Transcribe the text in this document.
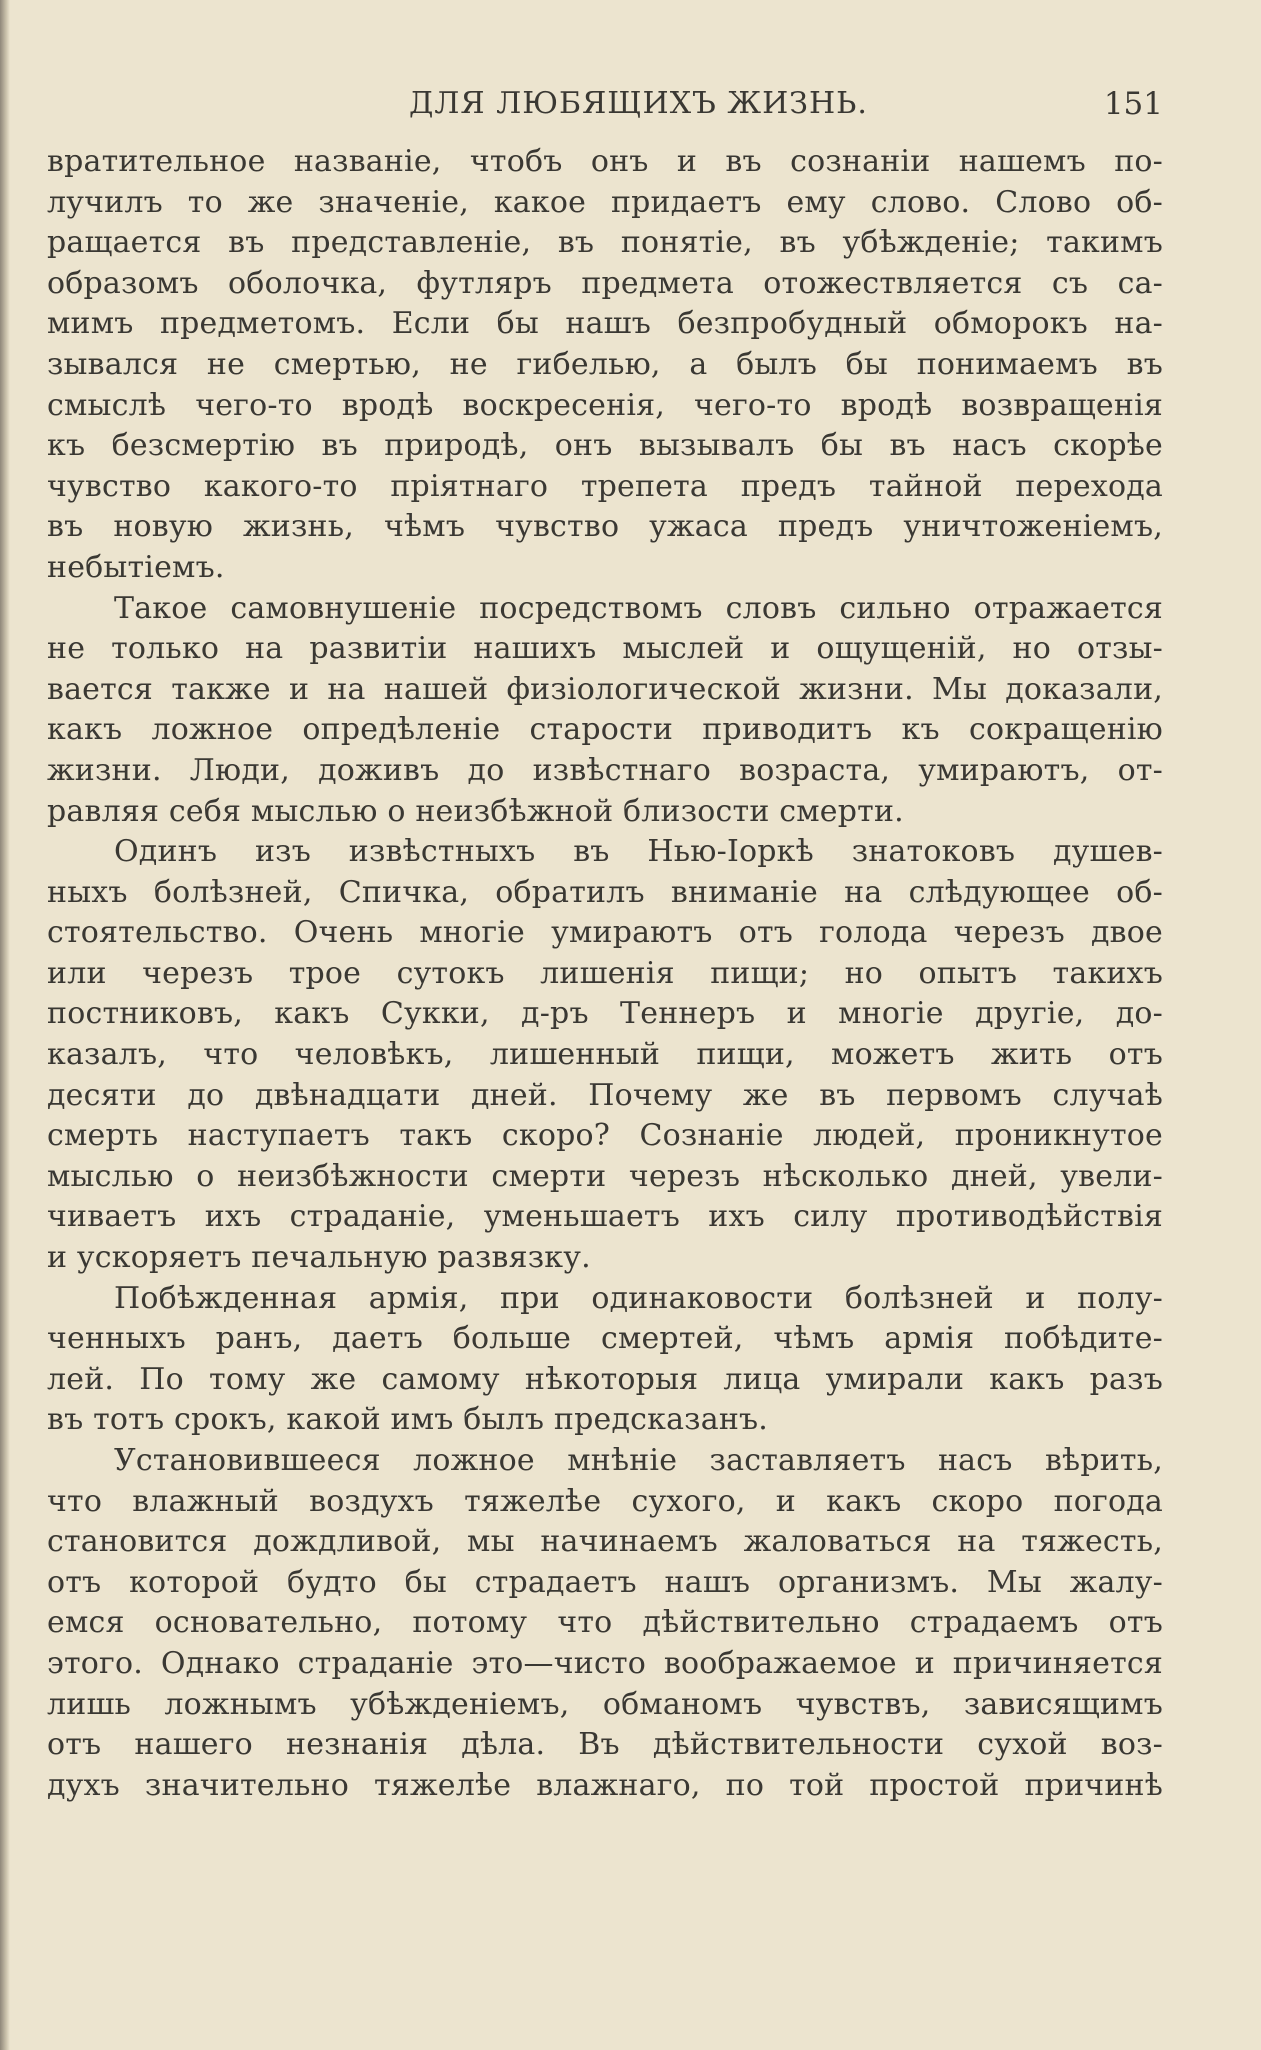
ДЛЯ ЛЮБЯЩИХЪ ЖИЗНЬ.	151
вратительное названіе, чтобъ онъ и въ сознаніи нашемъ по-
лучилъ то же значеніе, какое придаетъ ему слово. Слово об-
ращается въ представленіе, въ понятіе, въ убѣжденіе; такимъ
образомъ оболочка, футляръ предмета отожествляется съ са-
мимъ предметомъ. Если бы нашъ безпробудный обморокъ на-
зывался не смертью, не гибелью, а былъ бы понимаемъ въ
смыслѣ чего-то вродѣ воскресенія, чего-то вродѣ возвращенія
къ безсмертію въ природѣ, онъ вызывалъ бы въ насъ скорѣе
чувство какого-то пріятнаго трепета предъ тайной перехода
въ новую жизнь, чѣмъ чувство ужаса предъ уничтоженіемъ,
небытіемъ.
Такое самовнушеніе посредствомъ словъ сильно отражается
не только на развитіи нашихъ мыслей и ощущеній, но отзы-
вается также и на нашей физіологической жизни. Мы доказали,
какъ ложное опредѣленіе старости приводитъ къ сокращенію
жизни. Люди, доживъ до извѣстнаго возраста, умираютъ, от-
равляя себя мыслью о неизбѣжной близости смерти.
Одинъ изъ извѣстныхъ въ Нью-Іоркѣ знатоковъ душев-
ныхъ болѣзней, Спичка, обратилъ вниманіе на слѣдующее об-
стоятельство. Очень многіе умираютъ отъ голода черезъ двое
или черезъ трое сутокъ лишенія пищи; но опытъ такихъ
постниковъ, какъ Сукки, д-ръ Теннеръ и многіе другіе, до-
казалъ, что человѣкъ, лишенный пищи, можетъ жить отъ
десяти до двѣнадцати дней. Почему же въ первомъ случаѣ
смерть наступаетъ такъ скоро? Сознаніе людей, проникнутое
мыслью о неизбѣжности смерти черезъ нѣсколько дней, увели-
чиваетъ ихъ страданіе, уменьшаетъ ихъ силу противодѣйствія
и ускоряетъ печальную развязку.
Побѣжденная армія, при одинаковости болѣзней и полу-
ченныхъ ранъ, даетъ больше смертей, чѣмъ армія побѣдите-
лей. По тому же самому нѣкоторыя лица умирали какъ разъ
въ тотъ срокъ, какой имъ былъ предсказанъ.
Установившееся ложное мнѣніе заставляетъ насъ вѣрить,
что влажный воздухъ тяжелѣе сухого, и какъ скоро погода
становится дождливой, мы начинаемъ жаловаться на тяжесть,
отъ которой будто бы страдаетъ нашъ организмъ. Мы жалу-
емся основательно, потому что дѣйствительно страдаемъ отъ
этого. Однако страданіе это—чисто воображаемое и причиняется
лишь ложнымъ убѣжденіемъ, обманомъ чувствъ, зависящимъ
отъ нашего незнанія дѣла. Въ дѣйствительности сухой воз-
духъ значительно тяжелѣе влажнаго, по той простой причинѣ
